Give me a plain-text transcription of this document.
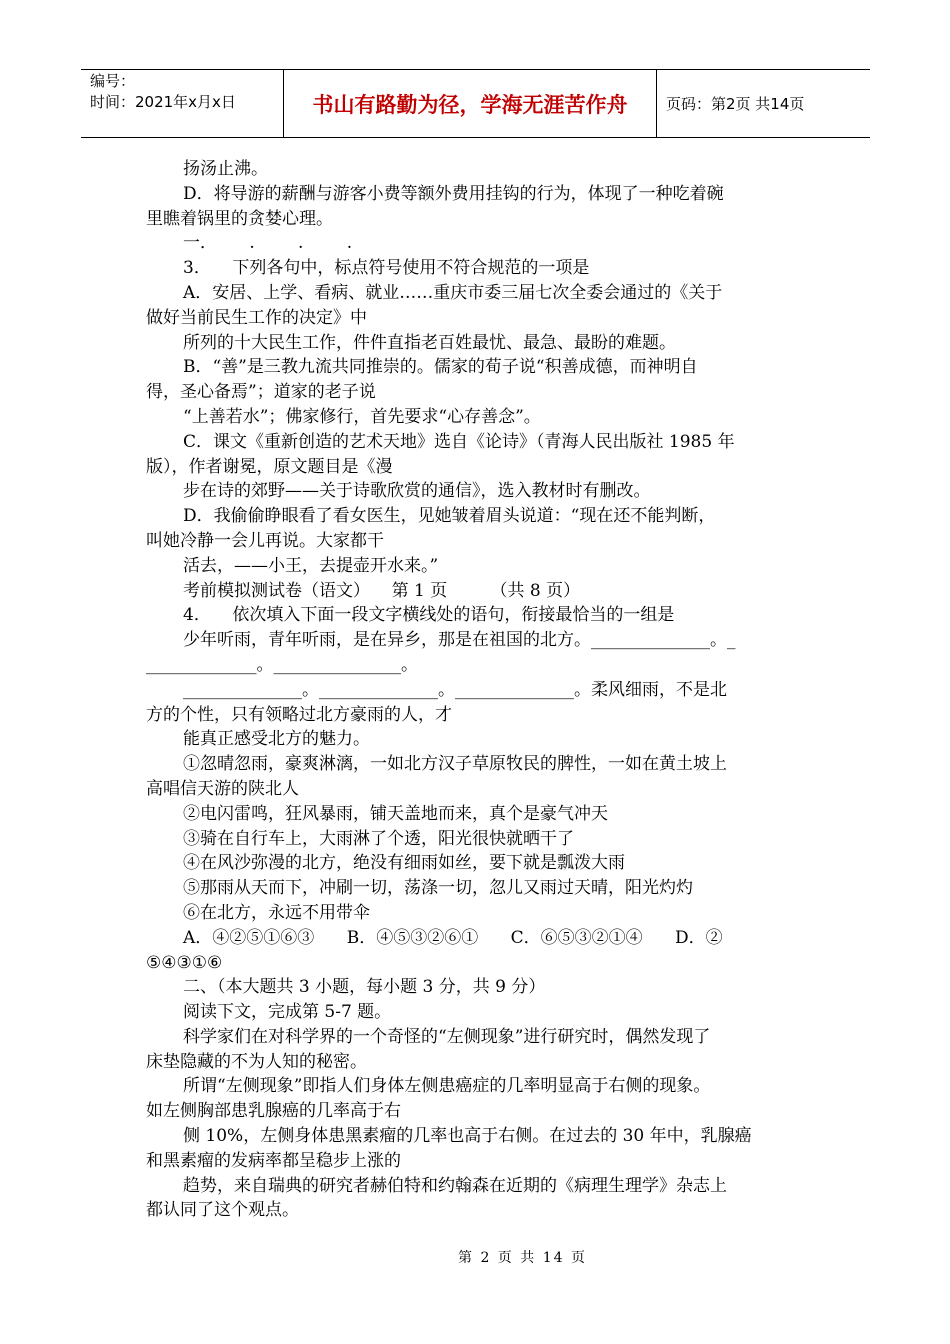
编号：
时间：2021年x月x日	书山有路勤为径，学海无涯苦作舟	页码：第2页 共14页

扬汤止沸。

D．将导游的薪酬与游客小费等额外费用挂钩的行为，体现了一种吃着碗

里瞧着锅里的贪婪心理。

一．      .        .        .

3．    下列各句中，标点符号使用不符合规范的一项是

A．安居、上学、看病、就业……重庆市委三届七次全委会通过的《关于

做好当前民生工作的决定》中

所列的十大民生工作，件件直指老百姓最忧、最急、最盼的难题。

B．“善”是三教九流共同推崇的。儒家的荀子说“积善成德，而神明自

得，圣心备焉”；道家的老子说

“上善若水”；佛家修行，首先要求“心存善念”。

C．课文《重新创造的艺术天地》选自《论诗》（青海人民出版社 1985 年

版），作者谢冕，原文题目是《漫

步在诗的郊野——关于诗歌欣赏的通信》，选入教材时有删改。

D．我偷偷睁眼看了看女医生，见她皱着眉头说道：“现在还不能判断，

叫她冷静一会儿再说。大家都干

活去，——小王，去提壶开水来。”

考前模拟测试卷（语文）    第 1 页        （共 8 页）

4．    依次填入下面一段文字横线处的语句，衔接最恰当的一组是

少年听雨，青年听雨，是在异乡，那是在祖国的北方。______________。_

_____________。_______________。

______________。______________。______________。柔风细雨，不是北

方的个性，只有领略过北方豪雨的人，才

能真正感受北方的魅力。

①忽晴忽雨，豪爽淋漓，一如北方汉子草原牧民的脾性，一如在黄土坡上

高唱信天游的陕北人

②电闪雷鸣，狂风暴雨，铺天盖地而来，真个是豪气冲天

③骑在自行车上，大雨淋了个透，阳光很快就晒干了

④在风沙弥漫的北方，绝没有细雨如丝，要下就是瓢泼大雨

⑤那雨从天而下，冲刷一切，荡涤一切，忽儿又雨过天晴，阳光灼灼

⑥在北方，永远不用带伞

A．④②⑤①⑥③      B．④⑤③②⑥①      C．⑥⑤③②①④      D．②

⑤④③①⑥

二、（本大题共 3 小题，每小题 3 分，共 9 分）

阅读下文，完成第 5-7 题。

科学家们在对科学界的一个奇怪的“左侧现象”进行研究时，偶然发现了

床垫隐藏的不为人知的秘密。

所谓“左侧现象”即指人们身体左侧患癌症的几率明显高于右侧的现象。

如左侧胸部患乳腺癌的几率高于右

侧 10%，左侧身体患黑素瘤的几率也高于右侧。在过去的 30 年中，乳腺癌

和黑素瘤的发病率都呈稳步上涨的

趋势，来自瑞典的研究者赫伯特和约翰森在近期的《病理生理学》杂志上

都认同了这个观点。

第 2 页 共 14 页
